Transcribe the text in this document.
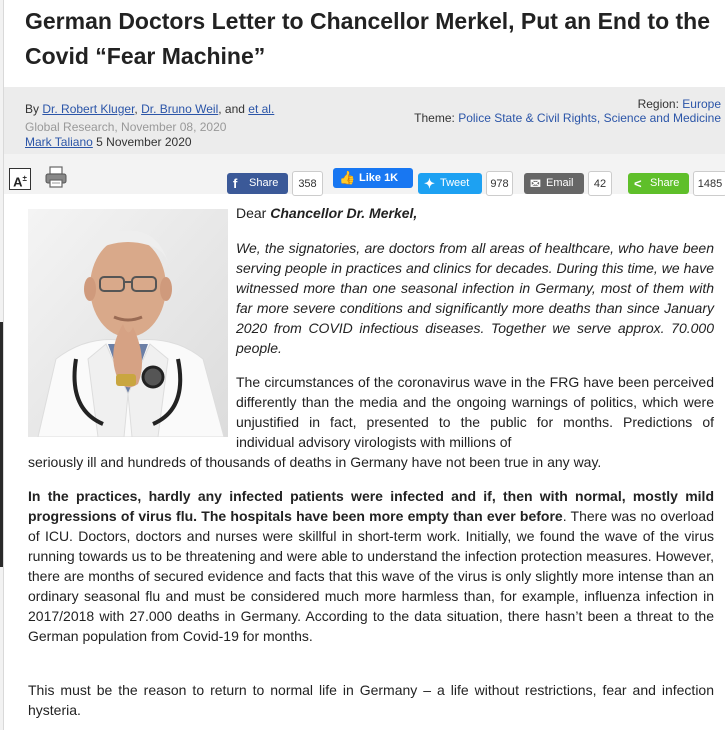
German Doctors Letter to Chancellor Merkel, Put an End to the Covid “Fear Machine”
By Dr. Robert Kluger, Dr. Bruno Weil, and et al.
Global Research, November 08, 2020
Mark Taliano 5 November 2020
Region: Europe
Theme: Police State & Civil Rights, Science and Medicine
A±	f Share	358	👍 Like 1K	✦ Tweet	978	✉ Email	42	< Share	1485
Dear Chancellor Dr. Merkel,

We, the signatories, are doctors from all areas of healthcare, who have been serving people in practices and clinics for decades. During this time, we have witnessed more than one seasonal infection in Germany, most of them with far more severe conditions and significantly more deaths than since January 2020 from COVID infectious diseases. Together we serve approx. 70.000 people.

The circumstances of the coronavirus wave in the FRG have been perceived differently than the media and the ongoing warnings of politics, which were unjustified in fact, presented to the public for months. Predictions of individual advisory virologists with millions of

seriously ill and hundreds of thousands of deaths in Germany have not been true in any way.

In the practices, hardly any infected patients were infected and if, then with normal, mostly mild progressions of virus flu. The hospitals have been more empty than ever before. There was no overload of ICU. Doctors, doctors and nurses were skillful in short-term work. Initially, we found the wave of the virus running towards us to be threatening and were able to understand the infection protection measures. However, there are months of secured evidence and facts that this wave of the virus is only slightly more intense than an ordinary seasonal flu and must be considered much more harmless than, for example, influenza infection in 2017/2018 with 27.000 deaths in Germany. According to the data situation, there hasn’t been a threat to the German population from Covid-19 for months.

This must be the reason to return to normal life in Germany – a life without restrictions, fear and infection hysteria.
